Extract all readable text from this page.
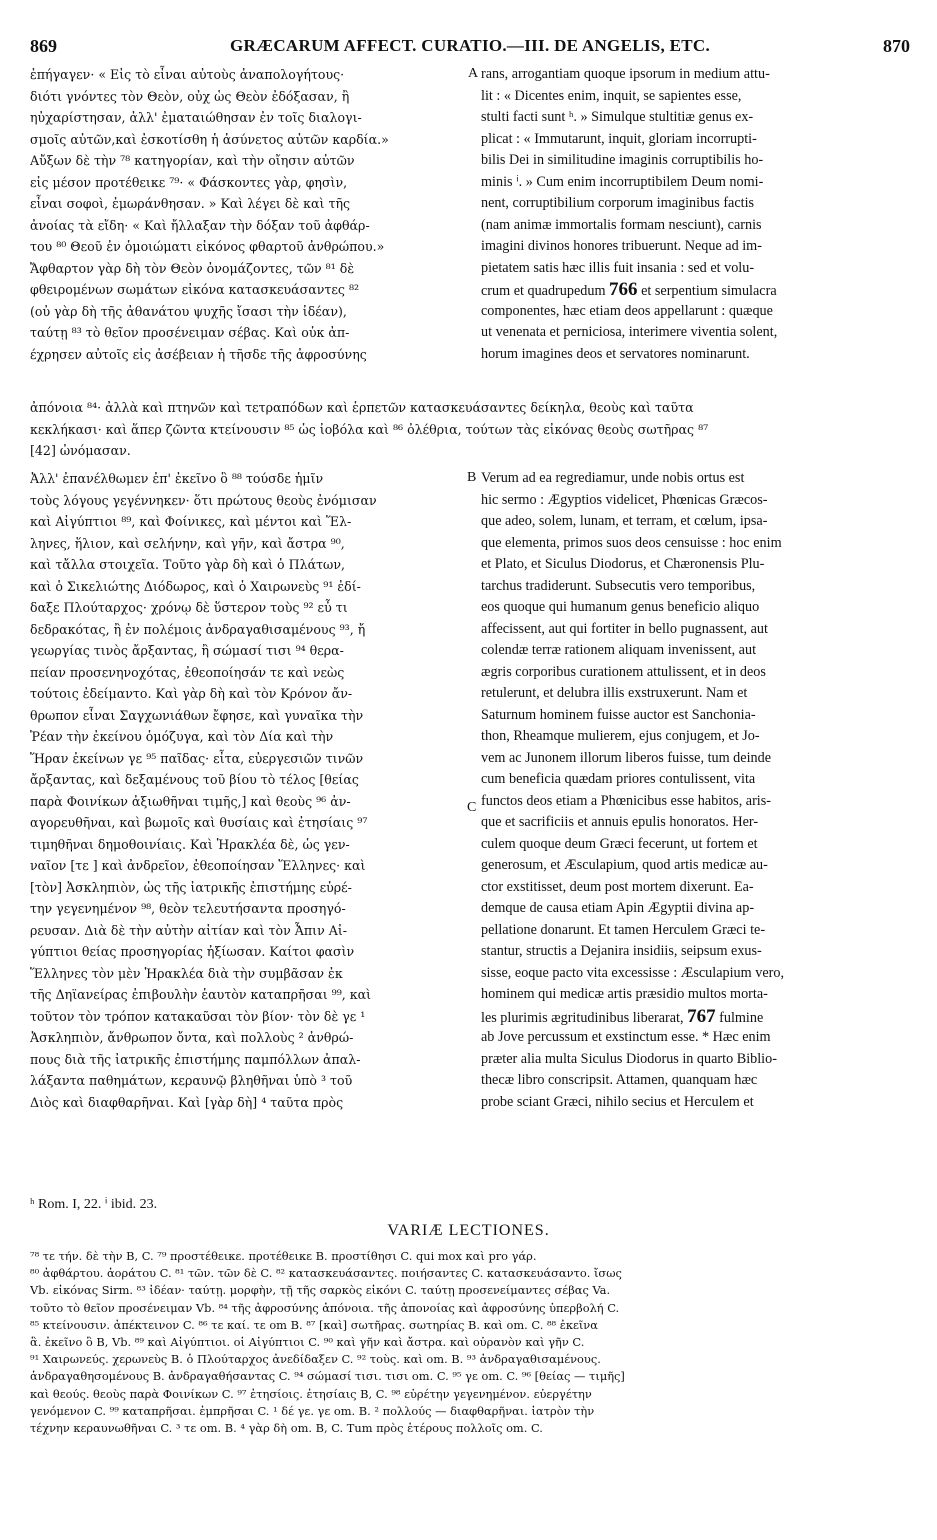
869	GRÆCARUM AFFECT. CURATIO.—III. DE ANGELIS, ETC.	870
A
B
C
ἐπήγαγεν· « Εἰς τὸ εἶναι αὐτοὺς ἀναπολογήτους·
διότι γνόντες τὸν Θεὸν, οὐχ ὡς Θεὸν ἐδόξασαν, ἢ
ηὐχαρίστησαν, ἀλλ' ἐματαιώθησαν ἐν τοῖς διαλογι-
σμοῖς αὐτῶν,καὶ ἐσκοτίσθη ἡ ἀσύνετος αὐτῶν καρδία.»
Αὔξων δὲ τὴν ⁷⁸ κατηγορίαν, καὶ τὴν οἴησιν αὐτῶν
εἰς μέσον προτέθεικε ⁷⁹· « Φάσκοντες γὰρ, φησὶν,
εἶναι σοφοὶ, ἐμωράνθησαν. » Καὶ λέγει δὲ καὶ τῆς
ἀνοίας τὰ εἴδη· « Καὶ ἤλλαξαν τὴν δόξαν τοῦ ἀφθάρ-
του ⁸⁰ Θεοῦ ἐν ὁμοιώματι εἰκόνος φθαρτοῦ ἀνθρώπου.»
Ἄφθαρτον γὰρ δὴ τὸν Θεὸν ὀνομάζοντες, τῶν ⁸¹ δὲ
φθειρομένων σωμάτων εἰκόνα κατασκευάσαντες ⁸²
(οὐ γὰρ δὴ τῆς ἀθανάτου ψυχῆς ἴσασι τὴν ἰδέαν),
ταύτῃ ⁸³ τὸ θεῖον προσένειμαν σέβας. Καὶ οὐκ ἀπ-
έχρησεν αὐτοῖς εἰς ἀσέβειαν ἡ τῆσδε τῆς ἀφροσύνης
rans, arrogantiam quoque ipsorum in medium attu-
lit : « Dicentes enim, inquit, se sapientes esse,
stulti facti sunt ʰ. » Simulque stultitiæ genus ex-
plicat : « Immutarunt, inquit, gloriam incorrupti-
bilis Dei in similitudine imaginis corruptibilis ho-
minis ⁱ. » Cum enim incorruptibilem Deum nomi-
nent, corruptibilium corporum imaginibus factis
(nam animæ immortalis formam nesciunt), carnis
imagini divinos honores tribuerunt. Neque ad im-
pietatem satis hæc illis fuit insania : sed et volu-
crum et quadrupedum 766 et serpentium simulacra
componentes, hæc etiam deos appellarunt : quæque
ut venenata et perniciosa, interimere viventia solent,
horum imagines deos et servatores nominarunt.
ἀπόνοια ⁸⁴· ἀλλὰ καὶ πτηνῶν καὶ τετραπόδων καὶ ἑρπετῶν κατασκευάσαντες δείκηλα, θεοὺς καὶ ταῦτα
κεκλήκασι· καὶ ἅπερ ζῶντα κτείνουσιν ⁸⁵ ὡς ἰοβόλα καὶ ⁸⁶ ὀλέθρια, τούτων τὰς εἰκόνας θεοὺς σωτῆρας ⁸⁷
[42] ὠνόμασαν.
Ἀλλ' ἐπανέλθωμεν ἐπ' ἐκεῖνο ὃ ⁸⁸ τούσδε ἡμῖν
τοὺς λόγους γεγέννηκεν· ὅτι πρώτους θεοὺς ἐνόμισαν
καὶ Αἰγύπτιοι ⁸⁹, καὶ Φοίνικες, καὶ μέντοι καὶ Ἕλ-
ληνες, ἥλιον, καὶ σελήνην, καὶ γῆν, καὶ ἄστρα ⁹⁰,
καὶ τἄλλα στοιχεῖα. Τοῦτο γὰρ δὴ καὶ ὁ Πλάτων,
καὶ ὁ Σικελιώτης Διόδωρος, καὶ ὁ Χαιρωνεὺς ⁹¹ ἐδί-
δαξε Πλούταρχος· χρόνῳ δὲ ὕστερον τοὺς ⁹² εὖ τι
δεδρακότας, ἢ ἐν πολέμοις ἀνδραγαθισαμένους ⁹³, ἤ
γεωργίας τινὸς ἄρξαντας, ἢ σώμασί τισι ⁹⁴ θερα-
πείαν προσενηνοχότας, ἐθεοποίησάν τε καὶ νεὼς
τούτοις ἐδείμαντο. Καὶ γὰρ δὴ καὶ τὸν Κρόνον ἄν-
θρωπον εἶναι Σαγχωνιάθων ἔφησε, καὶ γυναῖκα τὴν
Ῥέαν τὴν ἐκείνου ὁμόζυγα, καὶ τὸν Δία καὶ τὴν
Ἥραν ἐκείνων γε ⁹⁵ παῖδας· εἶτα, εὐεργεσιῶν τινῶν
ἄρξαντας, καὶ δεξαμένους τοῦ βίου τὸ τέλος [θείας
παρὰ Φοινίκων ἀξιωθῆναι τιμῆς,] καὶ θεοὺς ⁹⁶ ἀν-
αγορευθῆναι, καὶ βωμοῖς καὶ θυσίαις καὶ ἐτησίαις ⁹⁷
τιμηθῆναι δημοθοινίαις. Καὶ Ἡρακλέα δὲ, ὡς γεν-
ναῖον [τε ] καὶ ἀνδρεῖον, ἐθεοποίησαν Ἕλληνες· καὶ
[τὸν] Ἀσκληπιὸν, ὡς τῆς ἰατρικῆς ἐπιστήμης εὑρέ-
την γεγενημένον ⁹⁸, θεὸν τελευτήσαντα προσηγό-
ρευσαν. Διὰ δὲ τὴν αὐτὴν αἰτίαν καὶ τὸν Ἆπιν Αἰ-
γύπτιοι θείας προσηγορίας ἠξίωσαν. Καίτοι φασὶν
Ἕλληνες τὸν μὲν Ἡρακλέα διὰ τὴν συμβᾶσαν ἐκ
τῆς Δηϊανείρας ἐπιβουλὴν ἑαυτὸν καταπρῆσαι ⁹⁹, καὶ
τοῦτον τὸν τρόπον κατακαῦσαι τὸν βίον· τὸν δὲ γε ¹
Ἀσκληπιὸν, ἄνθρωπον ὄντα, καὶ πολλοὺς ² ἀνθρώ-
πους διὰ τῆς ἰατρικῆς ἐπιστήμης παμπόλλων ἀπαλ-
λάξαντα παθημάτων, κεραυνῷ βληθῆναι ὑπὸ ³ τοῦ
Διὸς καὶ διαφθαρῆναι. Καὶ [γὰρ δὴ] ⁴ ταῦτα πρὸς
Verum ad ea regrediamur, unde nobis ortus est
hic sermo : Ægyptios videlicet, Phœnicas Græcos-
que adeo, solem, lunam, et terram, et cœlum, ipsa-
que elementa, primos suos deos censuisse : hoc enim
et Plato, et Siculus Diodorus, et Chæronensis Plu-
tarchus tradiderunt. Subsecutis vero temporibus,
eos quoque qui humanum genus beneficio aliquo
affecissent, aut qui fortiter in bello pugnassent, aut
colendæ terræ rationem aliquam invenissent, aut
ægris corporibus curationem attulissent, et in deos
retulerunt, et delubra illis exstruxerunt. Nam et
Saturnum hominem fuisse auctor est Sanchonia-
thon, Rheamque mulierem, ejus conjugem, et Jo-
vem ac Junonem illorum liberos fuisse, tum deinde
cum beneficia quædam priores contulissent, vita
functos deos etiam a Phœnicibus esse habitos, aris-
que et sacrificiis et annuis epulis honoratos. Her-
culem quoque deum Græci fecerunt, ut fortem et
generosum, et Æsculapium, quod artis medicæ au-
ctor exstitisset, deum post mortem dixerunt. Ea-
demque de causa etiam Apin Ægyptii divina ap-
pellatione donarunt. Et tamen Herculem Græci te-
stantur, structis a Dejanira insidiis, seipsum exus-
sisse, eoque pacto vita excessisse : Æsculapium vero,
hominem qui medicæ artis præsidio multos morta-
les plurimis ægritudinibus liberarat, 767 fulmine
ab Jove percussum et exstinctum esse. * Hæc enim
præter alia multa Siculus Diodorus in quarto Biblio-
thecæ libro conscripsit. Attamen, quanquam hæc
probe sciant Græci, nihilo secius et Herculem et
ʰ Rom. I, 22. ⁱ ibid. 23.
VARIÆ LECTIONES.
⁷⁸ τε τήν. δὲ τὴν B, C. ⁷⁹ προστέθεικε. προτέθεικε B. προστίθησι C. qui mox καὶ pro γάρ.
⁸⁰ ἀφθάρτου. ἀοράτου C. ⁸¹ τῶν. τῶν δὲ C. ⁸² κατασκευάσαντες. ποιήσαντες C. κατασκευάσαντο. ἴσως
Vb. εἰκόνας Sirm. ⁸³ ἰδέαν· ταύτῃ. μορφὴν, τῇ τῆς σαρκὸς εἰκόνι C. ταύτῃ προσενείμαντες σέβας Va.
τοῦτο τὸ θεῖον προσένειμαν Vb. ⁸⁴ τῆς ἀφροσύνης ἀπόνοια. τῆς ἀπονοίας καὶ ἀφροσύνης ὑπερβολή C.
⁸⁵ κτείνουσιν. ἀπέκτεινον C. ⁸⁶ τε καί. τε om B. ⁸⁷ [καὶ] σωτῆρας. σωτηρίας B. καὶ om. C. ⁸⁸ ἐκεῖνα
ἃ. ἐκεῖνο ὃ B, Vb. ⁸⁹ καὶ Αἰγύπτιοι. οἱ Αἰγύπτιοι C. ⁹⁰ καὶ γῆν καὶ ἄστρα. καὶ οὐρανὸν καὶ γῆν C.
⁹¹ Χαιρωνεύς. χερωνεὺς B. ὁ Πλούταρχος ἀνεδίδαξεν C. ⁹² τοὺς. καὶ om. B. ⁹³ ἀνδραγαθισαμένους.
ἀνδραγαθησομένους B. ἀνδραγαθήσαντας C. ⁹⁴ σώμασί τισι. τισι om. C. ⁹⁵ γε om. C. ⁹⁶ [θείας — τιμῆς]
καὶ θεούς. θεοὺς παρὰ Φοινίκων C. ⁹⁷ ἐτησίοις. ἐτησίαις B, C. ⁹⁸ εὑρέτην γεγενημένον. εὐεργέτην
γενόμενον C. ⁹⁹ καταπρῆσαι. ἐμπρῆσαι C. ¹ δέ γε. γε om. B. ² πολλούς — διαφθαρῆναι. ἰατρὸν τὴν
τέχνην κεραυνωθῆναι C. ³ τε om. B. ⁴ γὰρ δὴ om. B, C. Tum πρὸς ἑτέρους πολλοῖς om. C.
